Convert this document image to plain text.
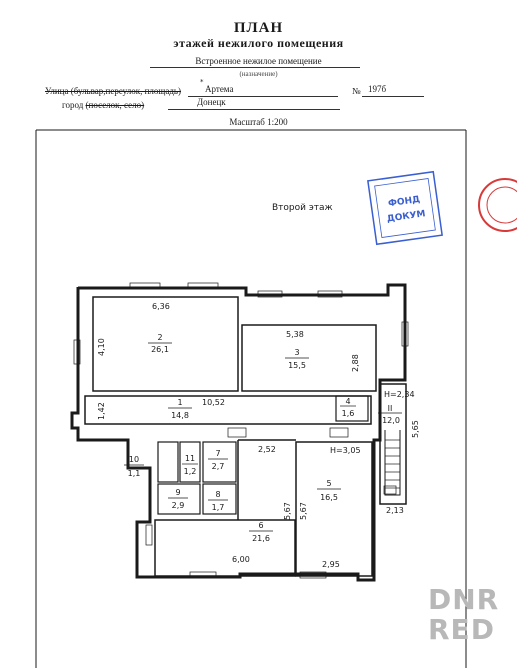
ПЛАН
этажей нежилого помещения
Встроенное нежилое помещение
(назначение)
Улица (бульвар,переулок, площадь)	Артема	№ 197б
город (поселок, село)	Донецк
Масштаб 1:200
Второй этаж
2
26,1	3
15,5
1
14,8
4
1,6
II
12,0
5
16,5
6
21,6
7
2,7
8
1,7
9
2,9
10
1,1
11
1,2
6,36
4,10
5,38
2,88
1,42	10,52
2,52
5,67 5,67
6,00
2,95
2,13
5,65
H=3,05
H=2,34
ФОНД
ДОКУМ
*
DNR
RED
